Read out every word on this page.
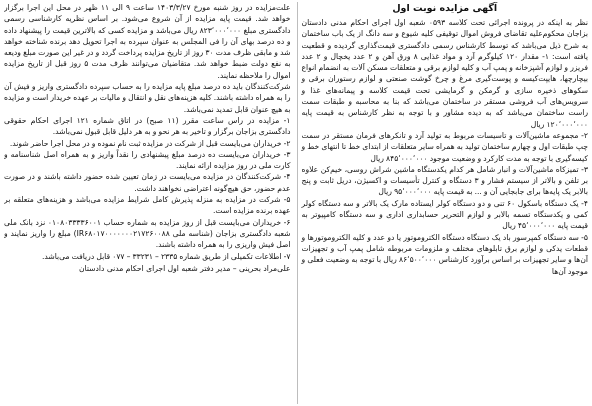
آگهی مزایده نوبت اول

نظر به اینکه در پرونده اجرائی تحت کلاسه ۰۵۹۳ شعبه اول اجرای احکام مدنی دادستان بزاجان محکوم‌علیه تقاضای فروش اموال توقیفی کلیه شیوع و سه دانگ از یک باب ساختمان به شرح ذیل می‌باشد که توسط کارشناس رسمی دادگستری قیمت‌گذاری گردیده و قطعیت یافته است: ۱- مقدار ۱۲۰ کیلوگرم آرد و مواد غذایی ۸ ورق آهن و ۲ عدد یخچال و ۲ عدد فریزر و لوازم آشپزخانه و پمپ آب و کلیه لوازم برقی و متعلقات مسکن آلات به انضمام انواع بیچارچها، هایپت‌کیسه و پوست‌گیری مرغ و چرخ گوشت صنعتی و لوازم رستوران برقی و سکوهای ذخیره سازی و گرمکن و گرمایشی تحت قیمت کلاسه و پیمانه‌های غذا و سرویس‌های آب فروشی مستقر در ساختمان می‌باشد که بنا به محاسبه و طبقات سمت راست ساختمان می‌باشد که به دیده مشاور و با توجه به نظر کارشناس به قیمت پایه ۱۲۰٬۰۰۰٬۰۰۰ ریال

۲- مجموعه ماشین‌آلات و تاسیسات مربوط به تولید آرد و تانکرهای فرمان مستقر در سمت چپ طبقات اول و چهارم ساختمان تولید به همراه سایر متعلقات از ابتدای خط تا انتهای خط و کیسه‌گیری با توجه به مدت کارکرد و وضعیت موجود ۸۴۵٬۰۰۰٬۰۰۰ ریال

۳- تمیزکاه ماشین‌آلات و انبار شامل هر کدام یکدستگاه ماشین شراش روسی، خیم‌کن علاوه بر تلفن و بالاتر از سیستم فشار و ۳ دستگاه و کنترل تأسیسات و اکسیژن، دریل ثابت و پنج بالابر یک پایه‌ها برای جابجایی آن و ... به قیمت پایه ۹۵٬۰۰۰٬۰۰۰ ریال

۴- یک دستگاه باسکول ۶۰ تنی و دو دستگاه کولر ایستاده مارک یک بالاتر و سه دستگاه کولر کمی و یکدستگاه تسمه بالابر و لوازم التحریر حسابداری اداری و سه دستگاه کامپیوتر به قیمت پایه ۴۵٬۰۰۰٬۰۰۰ ریال

۵- سه دستگاه کمپرسور باد یک دستگاه دستگاه الکتروموتور یا دو عدد و کلیه الکتروموتورها و قطعات یدکی و لوازم برق تابلوهای مختلف و ملزومات مربوطه شامل پمپ آب و تجهیزات آن‌ها و سایر تجهیزات بر اساس برآورد کارشناس ۸۶٬۵۰۰٬۰۰۰ ریال با توجه به وضعیت فعلی و موجود آن‌ها

علت‌مزایده در روز شنبه مورخ ۱۴۰۳/۳/۲۷ ساعت ۹ الی ۱۱ ظهر در محل این اجرا برگزار خواهد شد. قیمت پایه مزایده از آن شروع می‌شود. بر اساس نظریه کارشناسی رسمی دادگستری مبلغ ۸۲۳٬۰۰۰٬۰۰۰ ریال می‌باشد و مزایده کسی که بالاترین قیمت را پیشنهاد داده و ده درصد بهای آن را فی المجلس به عنوان سپرده به اجرا تحویل دهد برنده شناخته خواهد شد و مابقی ظرف مدت ۳۰ روز از تاریخ مزایده پرداخت گردد و در غیر این صورت مبلغ ودیعه به نفع دولت ضبط خواهد شد. متقاضیان می‌توانند ظرف مدت ۵ روز قبل از تاریخ مزایده اموال را ملاحظه نمایند.

شرکت‌کنندگان باید ده درصد مبلغ پایه مزایده را به حساب سپرده دادگستری واریز و فیش آن را به همراه داشته باشند. کلیه هزینه‌های نقل و انتقال و مالیات بر عهده خریدار است و مزایده به هیچ عنوان قابل تمدید نمی‌باشد.

۱- مزایده در راس ساعت مقرر (۱۱ صبح) در اتاق شماره ۱۲۱ اجرای احکام حقوقی دادگستری بزاجان برگزار و تاخیر به هر نحو و به هر دلیل قابل قبول نمی‌باشد.

۲- خریداران می‌بایست قبل از شرکت در مزایده ثبت نام نموده و در محل اجرا حاضر شوند.

۳- خریداران می‌بایست ده درصد مبلغ پیشنهادی را نقداً واریز و به همراه اصل شناسنامه و کارت ملی در روز مزایده ارائه نمایند.

۴- شرکت‌کنندگان در مزایده می‌بایست در زمان تعیین شده حضور داشته باشند و در صورت عدم حضور، حق هیچ‌گونه اعتراضی نخواهند داشت.

۵- شرکت در مزایده به منزله پذیرش کامل شرایط مزایده می‌باشد و هزینه‌های متعلقه بر عهده برنده مزایده است.

۶- خریداران می‌بایست قبل از روز مزایده به شماره حساب ۰۱۰۸۰۳۳۳۳۶۰۰۱ نزد بانک ملی شعبه دادگستری بزاجان (شناسه ملی IR۶۸۰۱۷۰۰۰۰۰۰۰۲۱۷۲۶۰۰۸۸) مبلغ را واریز نمایند و اصل فیش واریزی را به همراه داشته باشند.

۷- اطلاعات تکمیلی از طریق شماره ۲۳۳۵ – ۳۳۲۳۱ – ۰۷۷ قابل دریافت می‌باشد.

علی‌مراد بحرینی – مدیر دفتر شعبه اول اجرای احکام مدنی دادستان
